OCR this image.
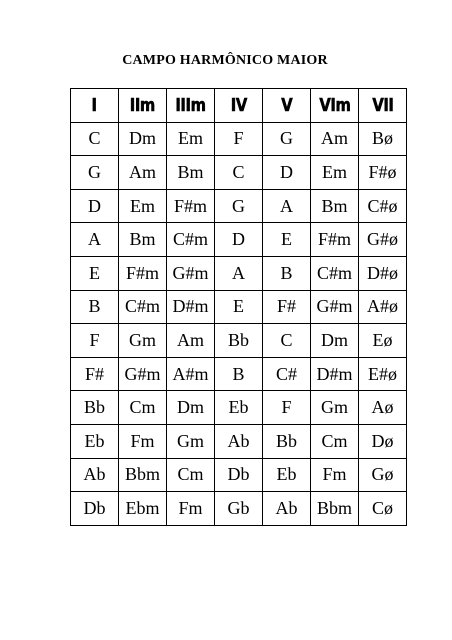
CAMPO HARMÔNICO MAIOR
I	IIm	IIIm	IV	V	VIm	VII
C	Dm	Em	F	G	Am	Bø
G	Am	Bm	C	D	Em	F#ø
D	Em	F#m	G	A	Bm	C#ø
A	Bm	C#m	D	E	F#m	G#ø
E	F#m	G#m	A	B	C#m	D#ø
B	C#m	D#m	E	F#	G#m	A#ø
F	Gm	Am	Bb	C	Dm	Eø
F#	G#m	A#m	B	C#	D#m	E#ø
Bb	Cm	Dm	Eb	F	Gm	Aø
Eb	Fm	Gm	Ab	Bb	Cm	Dø
Ab	Bbm	Cm	Db	Eb	Fm	Gø
Db	Ebm	Fm	Gb	Ab	Bbm	Cø
